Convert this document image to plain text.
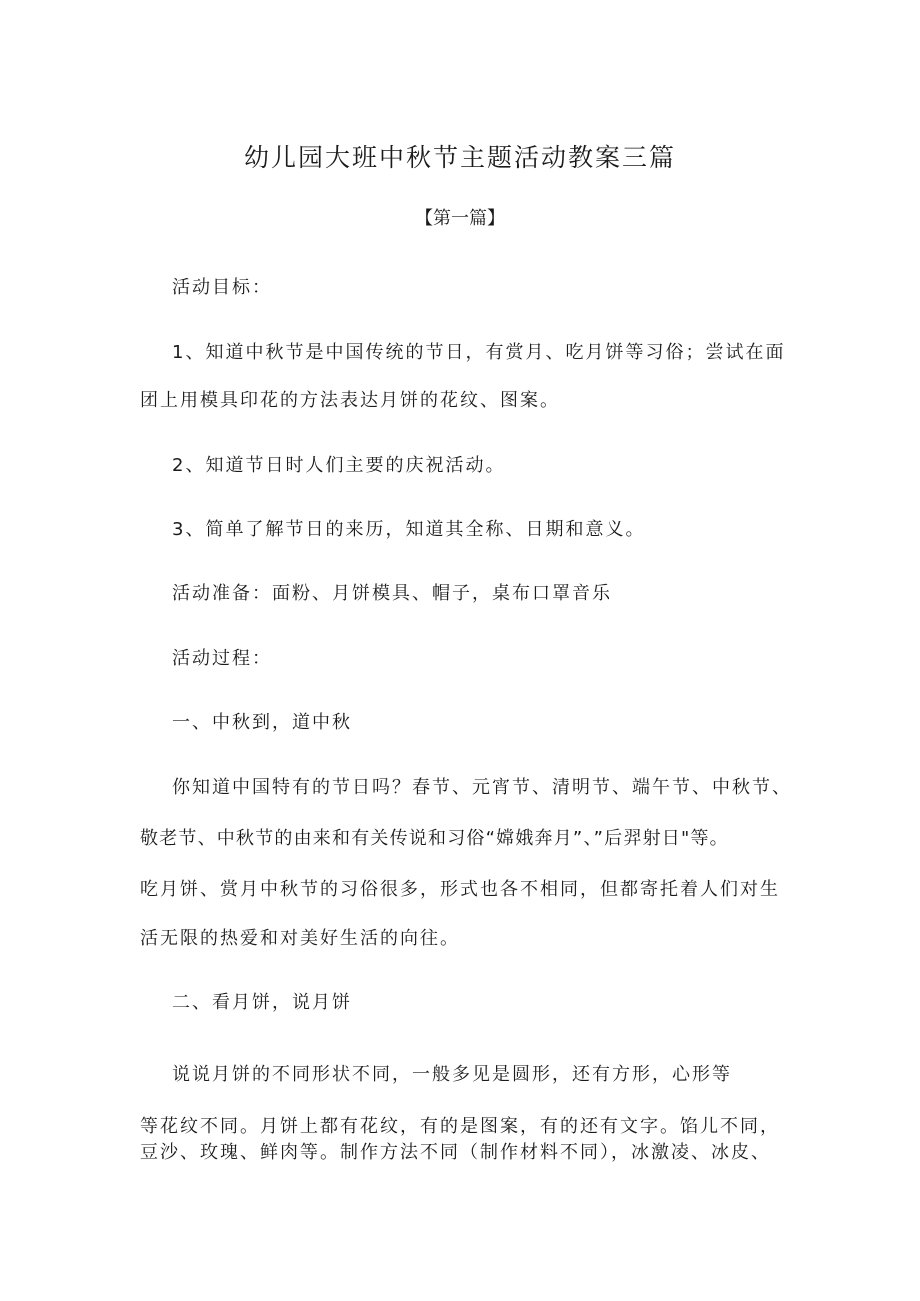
幼儿园大班中秋节主题活动教案三篇
【第一篇】
活动目标：
1、知道中秋节是中国传统的节日，有赏月、吃月饼等习俗；尝试在面
团上用模具印花的方法表达月饼的花纹、图案。
2、知道节日时人们主要的庆祝活动。
3、简单了解节日的来历，知道其全称、日期和意义。
活动准备：面粉、月饼模具、帽子，桌布口罩音乐
活动过程：
一、中秋到，道中秋
你知道中国特有的节日吗？春节、元宵节、清明节、端午节、中秋节、
敬老节、中秋节的由来和有关传说和习俗“嫦娥奔月”、”后羿射日"等。
吃月饼、赏月中秋节的习俗很多，形式也各不相同，但都寄托着人们对生
活无限的热爱和对美好生活的向往。
二、看月饼，说月饼
说说月饼的不同形状不同，一般多见是圆形，还有方形，心形等
等花纹不同。月饼上都有花纹，有的是图案，有的还有文字。馅儿不同，
豆沙、玫瑰、鲜肉等。制作方法不同（制作材料不同），冰激凌、冰皮、
